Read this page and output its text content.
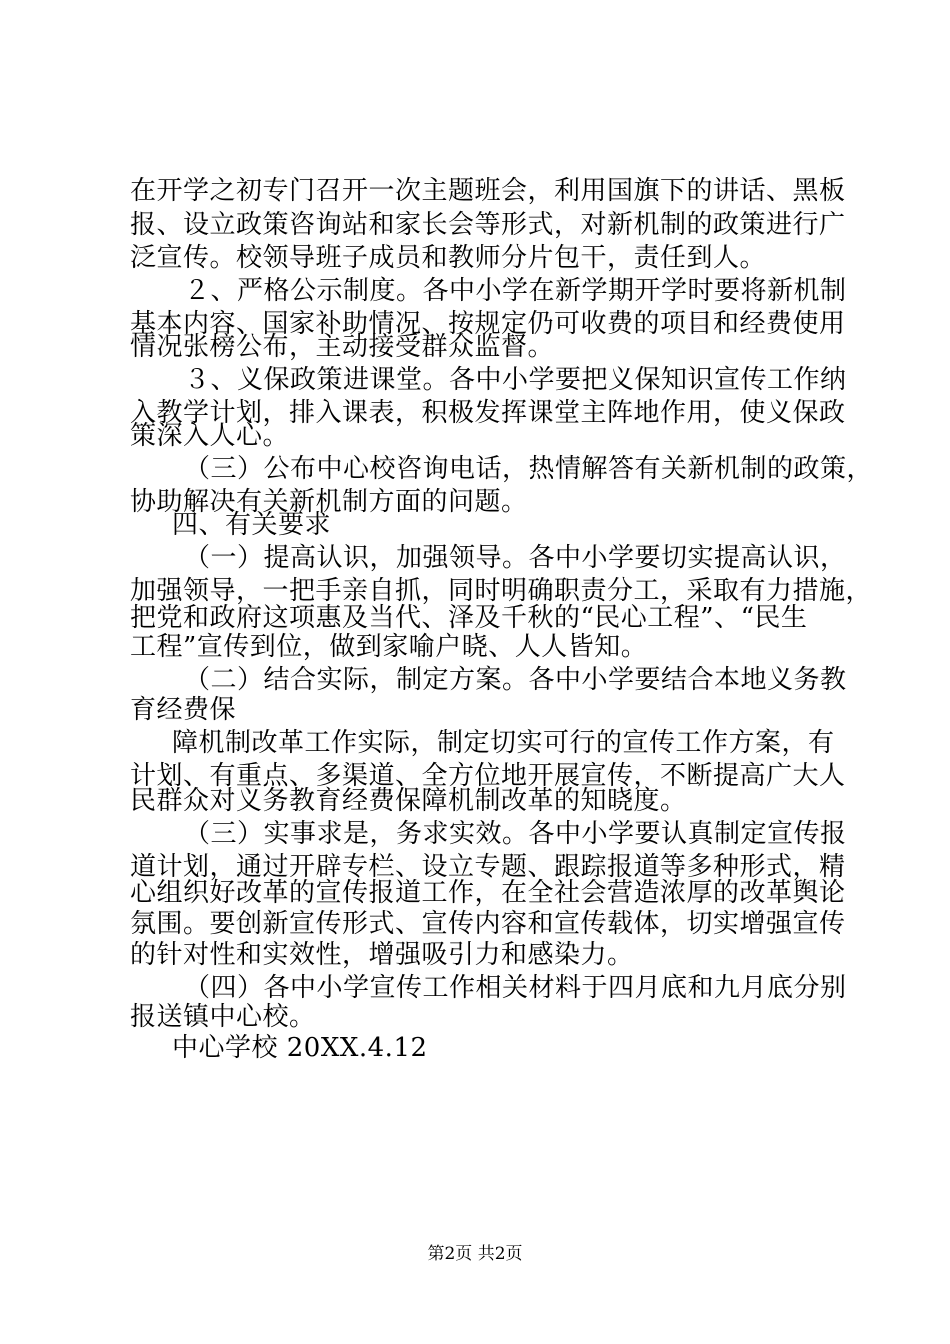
在开学之初专门召开一次主题班会，利用国旗下的讲话、黑板
报、设立政策咨询站和家长会等形式，对新机制的政策进行广
泛宣传。校领导班子成员和教师分片包干，责任到人。
２、严格公示制度。各中小学在新学期开学时要将新机制
基本内容、国家补助情况、按规定仍可收费的项目和经费使用
情况张榜公布，主动接受群众监督。
３、义保政策进课堂。各中小学要把义保知识宣传工作纳
入教学计划，排入课表，积极发挥课堂主阵地作用，使义保政
策深入人心。
（三）公布中心校咨询电话，热情解答有关新机制的政策，
协助解决有关新机制方面的问题。
四、有关要求
（一）提高认识，加强领导。各中小学要切实提高认识，
加强领导，一把手亲自抓，同时明确职责分工，采取有力措施，
把党和政府这项惠及当代、泽及千秋的“民心工程”、“民生
工程”宣传到位，做到家喻户晓、人人皆知。
（二）结合实际，制定方案。各中小学要结合本地义务教
育经费保
障机制改革工作实际，制定切实可行的宣传工作方案，有
计划、有重点、多渠道、全方位地开展宣传，不断提高广大人
民群众对义务教育经费保障机制改革的知晓度。
（三）实事求是，务求实效。各中小学要认真制定宣传报
道计划，通过开辟专栏、设立专题、跟踪报道等多种形式，精
心组织好改革的宣传报道工作，在全社会营造浓厚的改革舆论
氛围。要创新宣传形式、宣传内容和宣传载体，切实增强宣传
的针对性和实效性，增强吸引力和感染力。
（四）各中小学宣传工作相关材料于四月底和九月底分别
报送镇中心校。
中心学校 20XX.4.12
第2页 共2页
